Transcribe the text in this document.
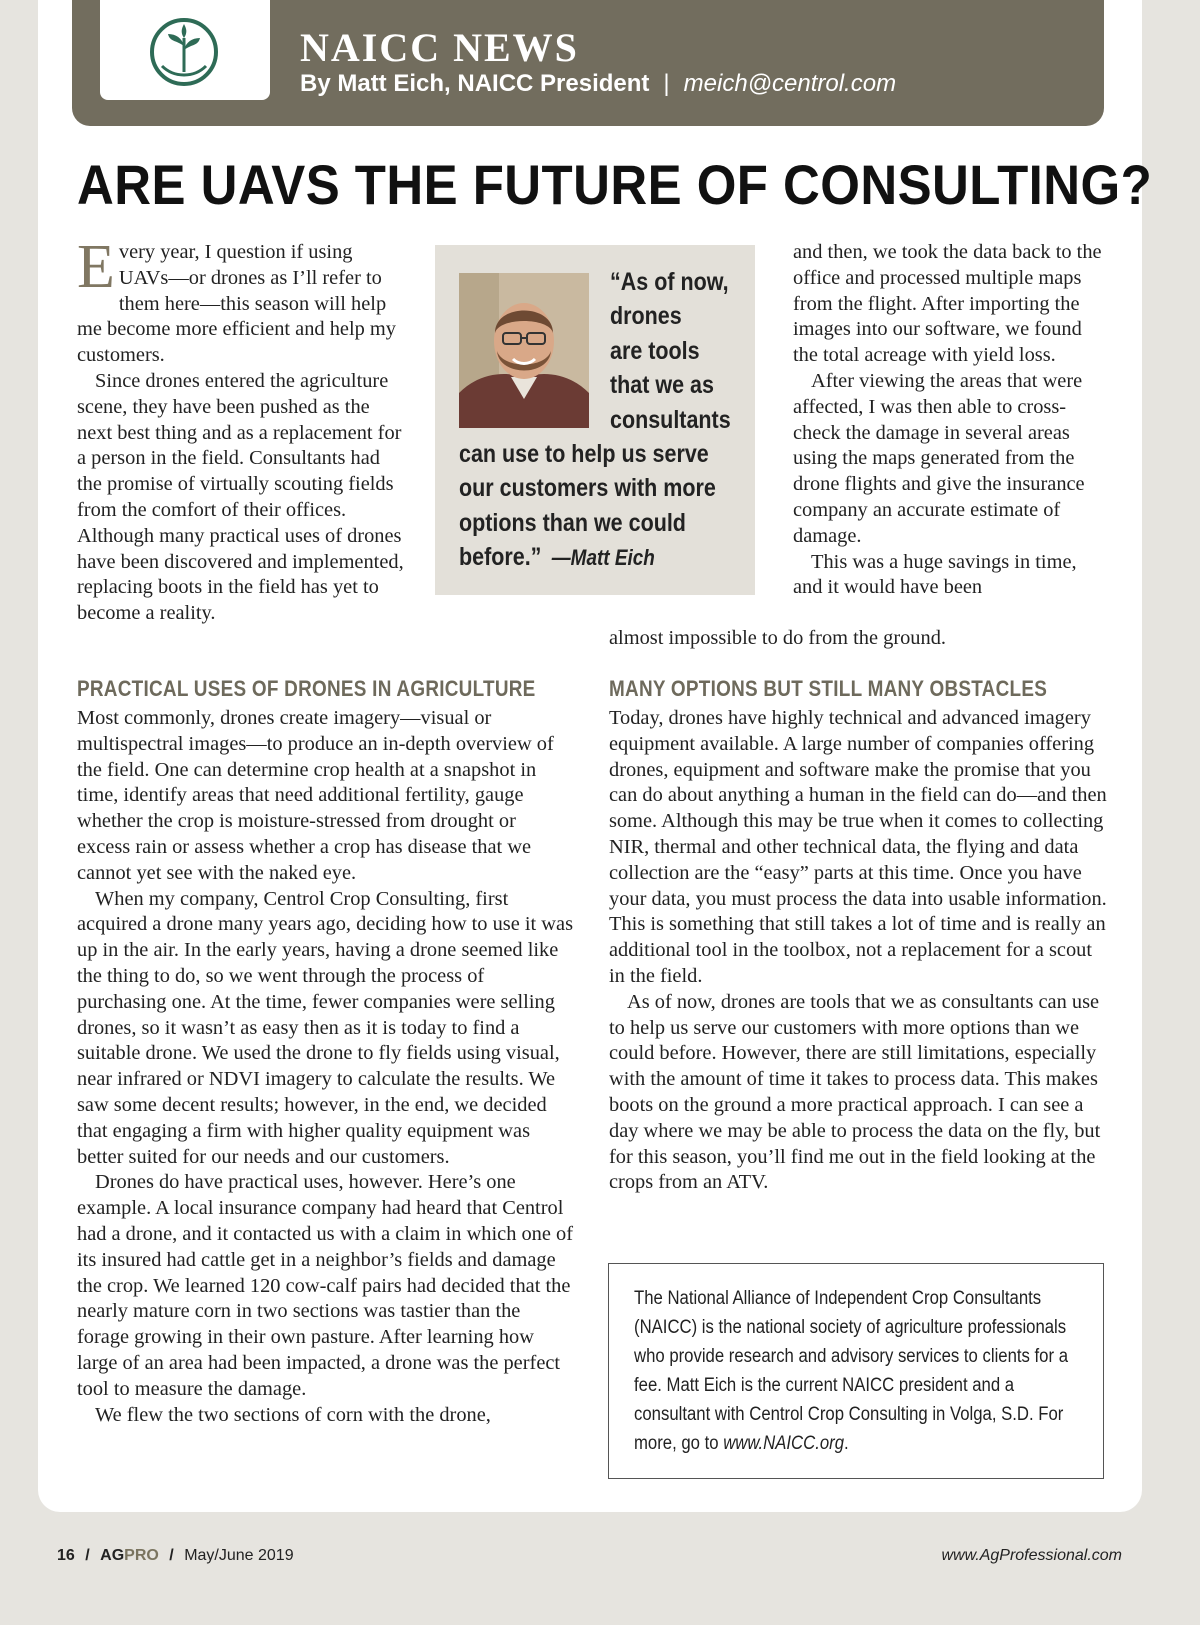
NAICC NEWS
By Matt Eich, NAICC President | meich@centrol.com
ARE UAVS THE FUTURE OF CONSULTING?

Every year, I question if using UAVs—or drones as I’ll refer to them here—this season will help me become more efficient and help my customers.

Since drones entered the agriculture scene, they have been pushed as the next best thing and as a replacement for a person in the field. Consultants had the promise of virtually scouting fields from the comfort of their offices. Although many practical uses of drones have been discovered and implemented, replacing boots in the field has yet to become a reality.

“As of now,
drones
are tools
that we as
consultants
can use to help us serve
our customers with more
options than we could
before.” —Matt Eich

and then, we took the data back to the office and processed multiple maps from the flight. After importing the images into our software, we found the total acreage with yield loss.

After viewing the areas that were affected, I was then able to cross-check the damage in several areas using the maps generated from the drone flights and give the insurance company an accurate estimate of damage.

This was a huge savings in time, and it would have been

almost impossible to do from the ground.

PRACTICAL USES OF DRONES IN AGRICULTURE

Most commonly, drones create imagery—visual or multispectral images—to produce an in-depth overview of the field. One can determine crop health at a snapshot in time, identify areas that need additional fertility, gauge whether the crop is moisture-stressed from drought or excess rain or assess whether a crop has disease that we cannot yet see with the naked eye.

When my company, Centrol Crop Consulting, first acquired a drone many years ago, deciding how to use it was up in the air. In the early years, having a drone seemed like the thing to do, so we went through the process of purchasing one. At the time, fewer companies were selling drones, so it wasn’t as easy then as it is today to find a suitable drone. We used the drone to fly fields using visual, near infrared or NDVI imagery to calculate the results. We saw some decent results; however, in the end, we decided that engaging a firm with higher quality equipment was better suited for our needs and our customers.

Drones do have practical uses, however. Here’s one example. A local insurance company had heard that Centrol had a drone, and it contacted us with a claim in which one of its insured had cattle get in a neighbor’s fields and damage the crop. We learned 120 cow-calf pairs had decided that the nearly mature corn in two sections was tastier than the forage growing in their own pasture. After learning how large of an area had been impacted, a drone was the perfect tool to measure the damage.

We flew the two sections of corn with the drone,

MANY OPTIONS BUT STILL MANY OBSTACLES

Today, drones have highly technical and advanced imagery equipment available. A large number of companies offering drones, equipment and software make the promise that you can do about anything a human in the field can do—and then some. Although this may be true when it comes to collecting NIR, thermal and other technical data, the flying and data collection are the “easy” parts at this time. Once you have your data, you must process the data into usable information. This is something that still takes a lot of time and is really an additional tool in the toolbox, not a replacement for a scout in the field.

As of now, drones are tools that we as consultants can use to help us serve our customers with more options than we could before. However, there are still limitations, especially with the amount of time it takes to process data. This makes boots on the ground a more practical approach. I can see a day where we may be able to process the data on the fly, but for this season, you’ll find me out in the field looking at the crops from an ATV.

The National Alliance of Independent Crop Consultants (NAICC) is the national society of agriculture professionals who provide research and advisory services to clients for a fee. Matt Eich is the current NAICC president and a consultant with Centrol Crop Consulting in Volga, S.D. For more, go to www.NAICC.org.
16 / AGPRO / May/June 2019	www.AgProfessional.com
